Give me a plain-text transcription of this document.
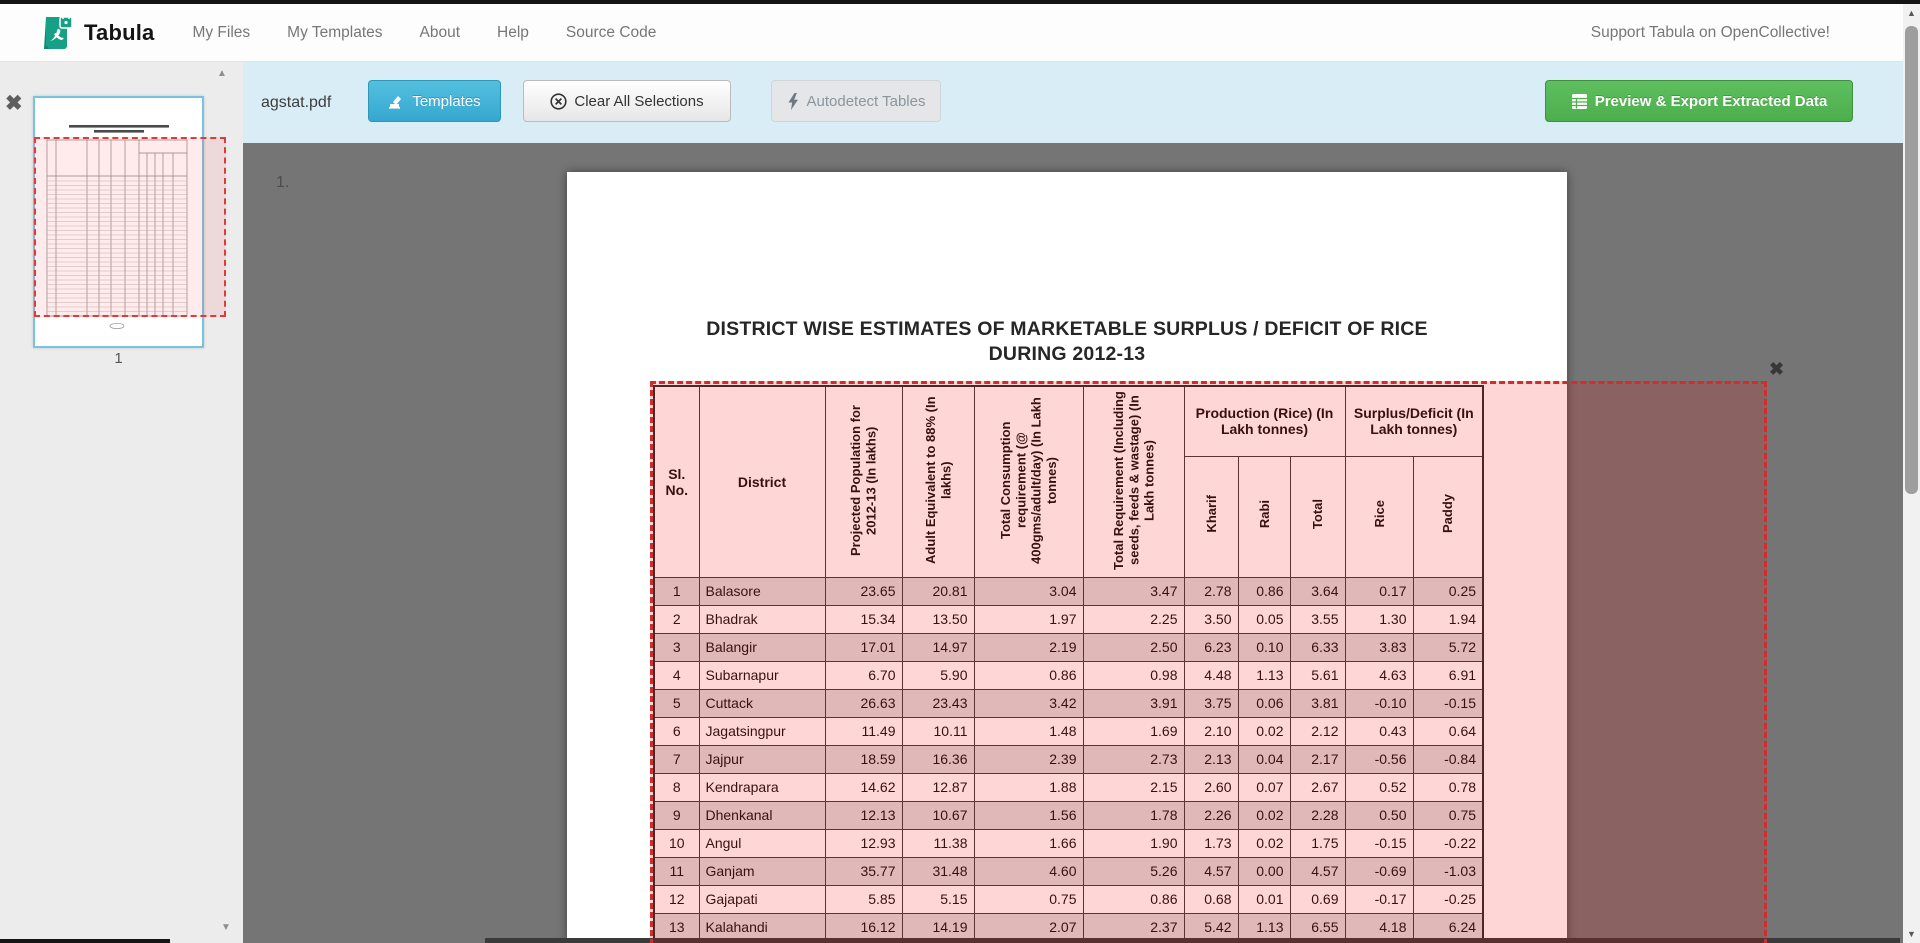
Tabula My Files My Templates About Help Source Code	Support Tabula on OpenCollective!
agstat.pdf	Templates	Clear All Selections	Autodetect Tables	Preview & Export Extracted Data
✖
1
▲
▼
1.
DISTRICT WISE ESTIMATES OF MARKETABLE SURPLUS / DEFICIT OF RICE
DURING 2012-13
Sl. No.	District	Projected Population for 2012-13 (In lakhs)	Adult Equivalent to 88% (In lakhs)	Total Consumption requirement (@ 400gms/adult/day) (In Lakh tonnes)	Total Requirement (Including seeds, feeds & wastage) (In Lakh tonnes)	Production (Rice) (In Lakh tonnes)			Surplus/Deficit (In Lakh tonnes)	
						Kharif	Rabi	Total	Rice	Paddy
1	Balasore	23.65	20.81	3.04	3.47	2.78	0.86	3.64	0.17	0.25
2	Bhadrak	15.34	13.50	1.97	2.25	3.50	0.05	3.55	1.30	1.94
3	Balangir	17.01	14.97	2.19	2.50	6.23	0.10	6.33	3.83	5.72
4	Subarnapur	6.70	5.90	0.86	0.98	4.48	1.13	5.61	4.63	6.91
5	Cuttack	26.63	23.43	3.42	3.91	3.75	0.06	3.81	-0.10	-0.15
6	Jagatsingpur	11.49	10.11	1.48	1.69	2.10	0.02	2.12	0.43	0.64
7	Jajpur	18.59	16.36	2.39	2.73	2.13	0.04	2.17	-0.56	-0.84
8	Kendrapara	14.62	12.87	1.88	2.15	2.60	0.07	2.67	0.52	0.78
9	Dhenkanal	12.13	10.67	1.56	1.78	2.26	0.02	2.28	0.50	0.75
10	Angul	12.93	11.38	1.66	1.90	1.73	0.02	1.75	-0.15	-0.22
11	Ganjam	35.77	31.48	4.60	5.26	4.57	0.00	4.57	-0.69	-1.03
12	Gajapati	5.85	5.15	0.75	0.86	0.68	0.01	0.69	-0.17	-0.25
13	Kalahandi	16.12	14.19	2.07	2.37	5.42	1.13	6.55	4.18	6.24
✖
▲
▼
